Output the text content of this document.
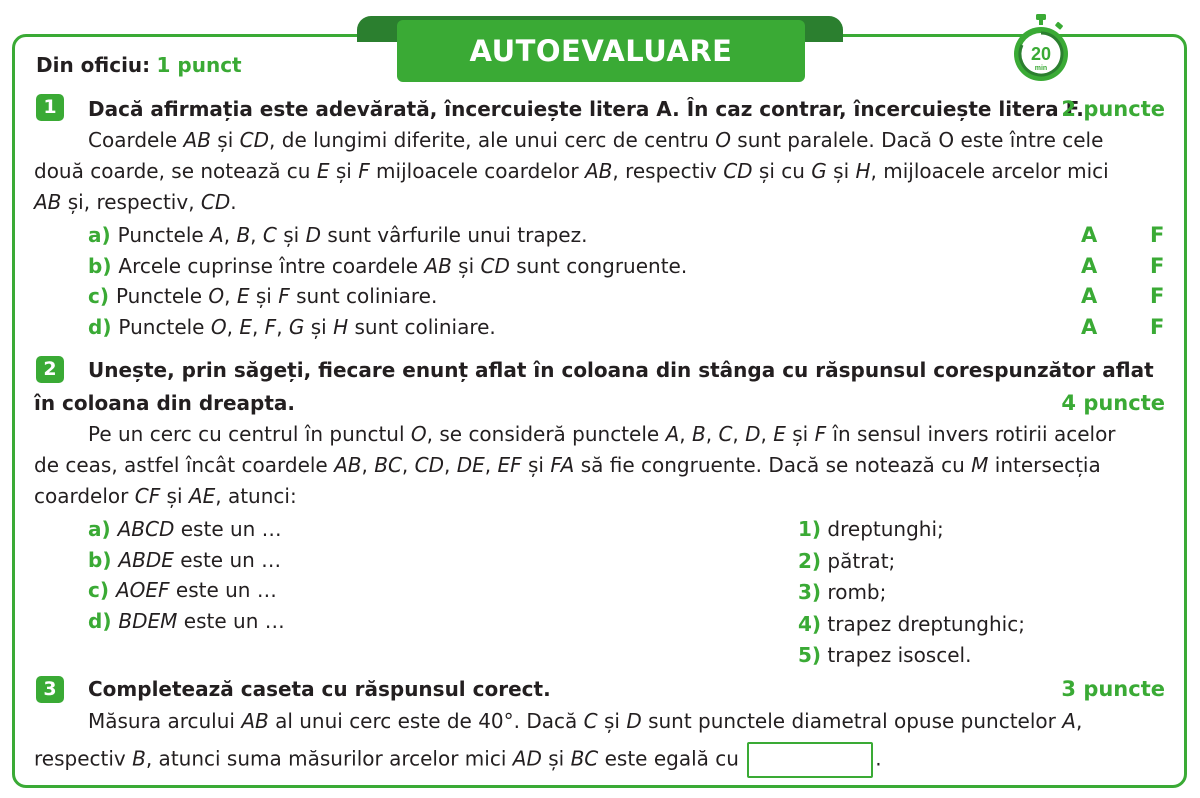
AUTOEVALUARE	20
min
Din oficiu: 1 punct
1	Dacă afirmația este adevărată, încercuiește litera A. În caz contrar, încercuiește litera F.
2 puncte
Coardele AB și CD, de lungimi diferite, ale unui cerc de centru O sunt paralele. Dacă O este între cele
două coarde, se notează cu E și F mijloacele coardelor AB, respectiv CD și cu G și H, mijloacele arcelor mici
AB și, respectiv, CD.
a) Punctele A, B, C și D sunt vârfurile unui trapez.	A	F
b) Arcele cuprinse între coardele AB și CD sunt congruente.	A	F
c) Punctele O, E și F sunt coliniare.	A	F
d) Punctele O, E, F, G și H sunt coliniare.	A	F
2	Unește, prin săgeți, fiecare enunț aflat în coloana din stânga cu răspunsul corespunzător aflat
în coloana din dreapta.	4 puncte
Pe un cerc cu centrul în punctul O, se consideră punctele A, B, C, D, E și F în sensul invers rotirii acelor
de ceas, astfel încât coardele AB, BC, CD, DE, EF și FA să fie congruente. Dacă se notează cu M intersecția
coardelor CF și AE, atunci:
a) ABCD este un …
b) ABDE este un …
c) AOEF este un …
d) BDEM este un …
1) dreptunghi;
2) pătrat;
3) romb;
4) trapez dreptunghic;
5) trapez isoscel.
3	Completează caseta cu răspunsul corect.	3 puncte
Măsura arcului AB al unui cerc este de 40°. Dacă C și D sunt punctele diametral opuse punctelor A,
respectiv B, atunci suma măsurilor arcelor mici AD și BC este egală cu	.
